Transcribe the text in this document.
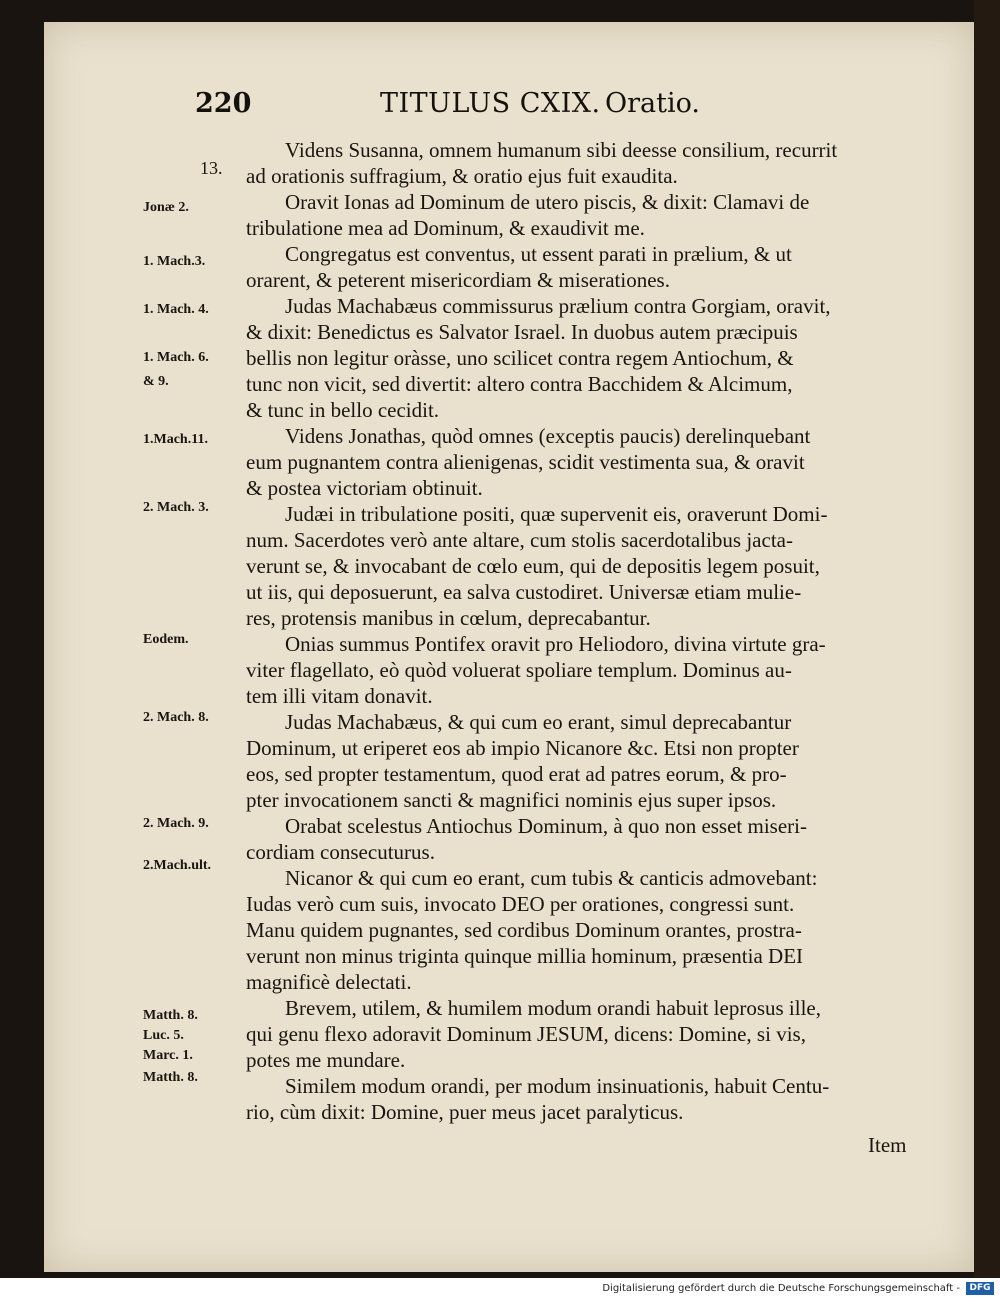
220	TITULUS CXIX. Oratio.
13.
Jonæ 2.
1. Mach.3.
1. Mach. 4.
1. Mach. 6.
& 9.
1.Mach.11.
2. Mach. 3.
Eodem.
2. Mach. 8.
2. Mach. 9.
2.Mach.ult.
Matth. 8.
Luc. 5.
Marc. 1.
Matth. 8.
Videns Susanna, omnem humanum sibi deesse consilium, recurrit
ad orationis suffragium, & oratio ejus fuit exaudita.
Oravit Ionas ad Dominum de utero piscis, & dixit: Clamavi de
tribulatione mea ad Dominum, & exaudivit me.
Congregatus est conventus, ut essent parati in prælium, & ut
orarent, & peterent misericordiam & miserationes.
Judas Machabæus commissurus prælium contra Gorgiam, oravit,
& dixit: Benedictus es Salvator Israel. In duobus autem præcipuis
bellis non legitur oràsse, uno scilicet contra regem Antiochum, &
tunc non vicit, sed divertit: altero contra Bacchidem & Alcimum,
& tunc in bello cecidit.
Videns Jonathas, quòd omnes (exceptis paucis) derelinquebant
eum pugnantem contra alienigenas, scidit vestimenta sua, & oravit
& postea victoriam obtinuit.
Judæi in tribulatione positi, quæ supervenit eis, oraverunt Domi-
num. Sacerdotes verò ante altare, cum stolis sacerdotalibus jacta-
verunt se, & invocabant de cœlo eum, qui de depositis legem posuit,
ut iis, qui deposuerunt, ea salva custodiret. Universæ etiam mulie-
res, protensis manibus in cœlum, deprecabantur.
Onias summus Pontifex oravit pro Heliodoro, divina virtute gra-
viter flagellato, eò quòd voluerat spoliare templum. Dominus au-
tem illi vitam donavit.
Judas Machabæus, & qui cum eo erant, simul deprecabantur
Dominum, ut eriperet eos ab impio Nicanore &c. Etsi non propter
eos, sed propter testamentum, quod erat ad patres eorum, & pro-
pter invocationem sancti & magnifici nominis ejus super ipsos.
Orabat scelestus Antiochus Dominum, à quo non esset miseri-
cordiam consecuturus.
Nicanor & qui cum eo erant, cum tubis & canticis admovebant:
Iudas verò cum suis, invocato DEO per orationes, congressi sunt.
Manu quidem pugnantes, sed cordibus Dominum orantes, prostra-
verunt non minus triginta quinque millia hominum, præsentia DEI
magnificè delectati.
Brevem, utilem, & humilem modum orandi habuit leprosus ille,
qui genu flexo adoravit Dominum JESUM, dicens: Domine, si vis,
potes me mundare.
Similem modum orandi, per modum insinuationis, habuit Centu-
rio, cùm dixit: Domine, puer meus jacet paralyticus.
Item
Digitalisierung gefördert durch die Deutsche Forschungsgemeinschaft -	DFG
